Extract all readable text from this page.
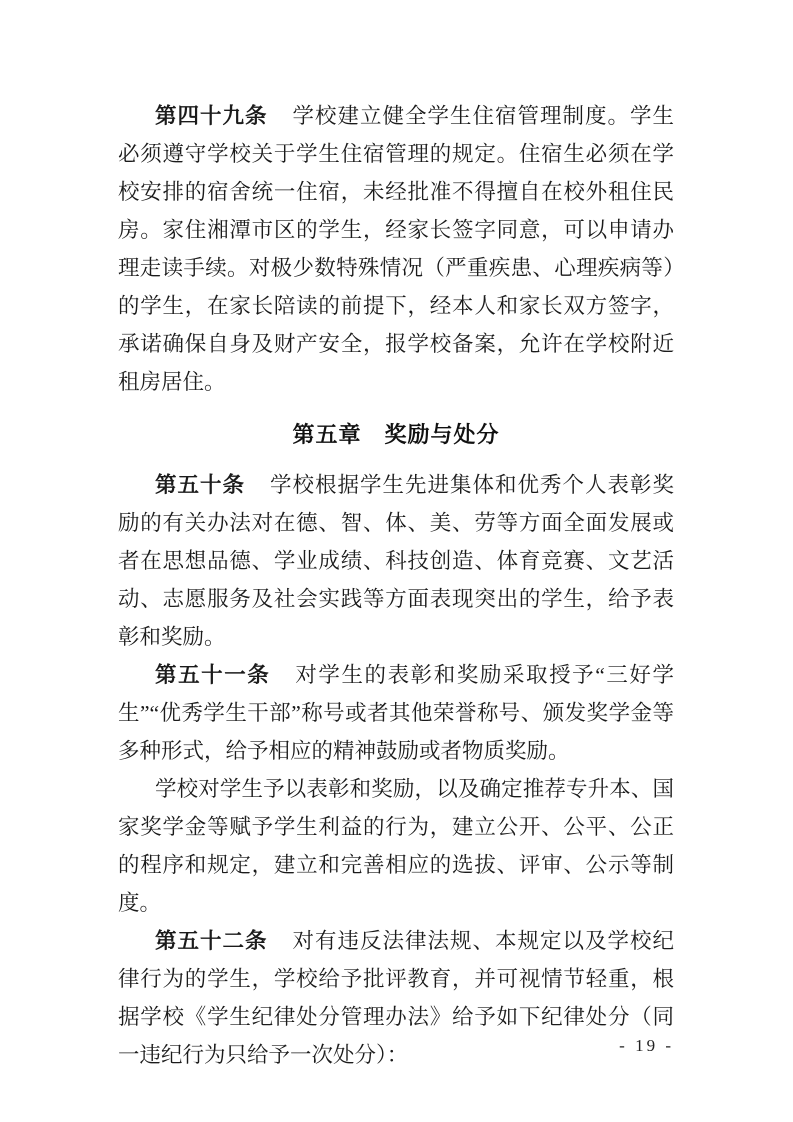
第四十九条 学校建立健全学生住宿管理制度。学生必须遵守学校关于学生住宿管理的规定。住宿生必须在学校安排的宿舍统一住宿，未经批准不得擅自在校外租住民房。家住湘潭市区的学生，经家长签字同意，可以申请办理走读手续。对极少数特殊情况（严重疾患、心理疾病等）的学生，在家长陪读的前提下，经本人和家长双方签字，承诺确保自身及财产安全，报学校备案，允许在学校附近租房居住。

第五章　奖励与处分

第五十条 学校根据学生先进集体和优秀个人表彰奖励的有关办法对在德、智、体、美、劳等方面全面发展或者在思想品德、学业成绩、科技创造、体育竞赛、文艺活动、志愿服务及社会实践等方面表现突出的学生，给予表彰和奖励。

第五十一条 对学生的表彰和奖励采取授予“三好学生”“优秀学生干部”称号或者其他荣誉称号、颁发奖学金等多种形式，给予相应的精神鼓励或者物质奖励。

学校对学生予以表彰和奖励，以及确定推荐专升本、国家奖学金等赋予学生利益的行为，建立公开、公平、公正的程序和规定，建立和完善相应的选拔、评审、公示等制度。

第五十二条 对有违反法律法规、本规定以及学校纪律行为的学生，学校给予批评教育，并可视情节轻重，根据学校《学生纪律处分管理办法》给予如下纪律处分（同一违纪行为只给予一次处分）：	- 19 -
